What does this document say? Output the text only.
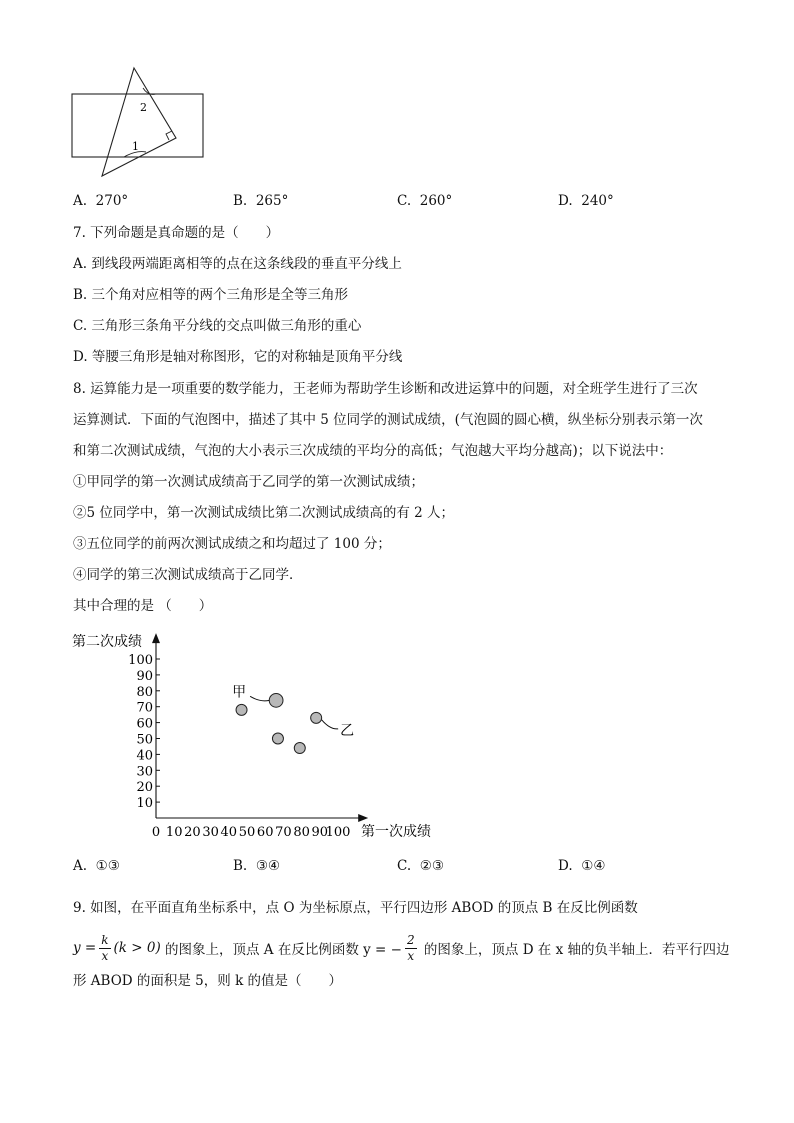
2
1
A. 270°	B. 265°	C. 260°	D. 240°
7. 下列命题是真命题的是（　　）
A. 到线段两端距离相等的点在这条线段的垂直平分线上
B. 三个角对应相等的两个三角形是全等三角形
C. 三角形三条角平分线的交点叫做三角形的重心
D. 等腰三角形是轴对称图形，它的对称轴是顶角平分线
8. 运算能力是一项重要的数学能力，王老师为帮助学生诊断和改进运算中的问题，对全班学生进行了三次
运算测试．下面的气泡图中，描述了其中 5 位同学的测试成绩，(气泡圆的圆心横，纵坐标分别表示第一次
和第二次测试成绩，气泡的大小表示三次成绩的平均分的高低；气泡越大平均分越高)；以下说法中：
①甲同学的第一次测试成绩高于乙同学的第一次测试成绩；
②5 位同学中，第一次测试成绩比第二次测试成绩高的有 2 人；
③五位同学的前两次测试成绩之和均超过了 100 分；
④同学的第三次测试成绩高于乙同学．
其中合理的是 （　　）
第二次成绩
第一次成绩
0 10 20 30 40 50 60 70 80 90
100
10
20
30
40
50
60
70
80
90
100
甲
乙
A. ①③	B. ③④	C. ②③	D. ①④
9. 如图，在平面直角坐标系中，点 O 为坐标原点，平行四边形 ABOD 的顶点 B 在反比例函数
$y = \frac{k}{x} (k > 0)$ 的图象上，顶点 A 在反比例函数 y = − $\frac{2}{x}$ 的图象上，顶点 D 在 x 轴的负半轴上．若平行四边
形 ABOD 的面积是 5，则 k 的值是（　　）
